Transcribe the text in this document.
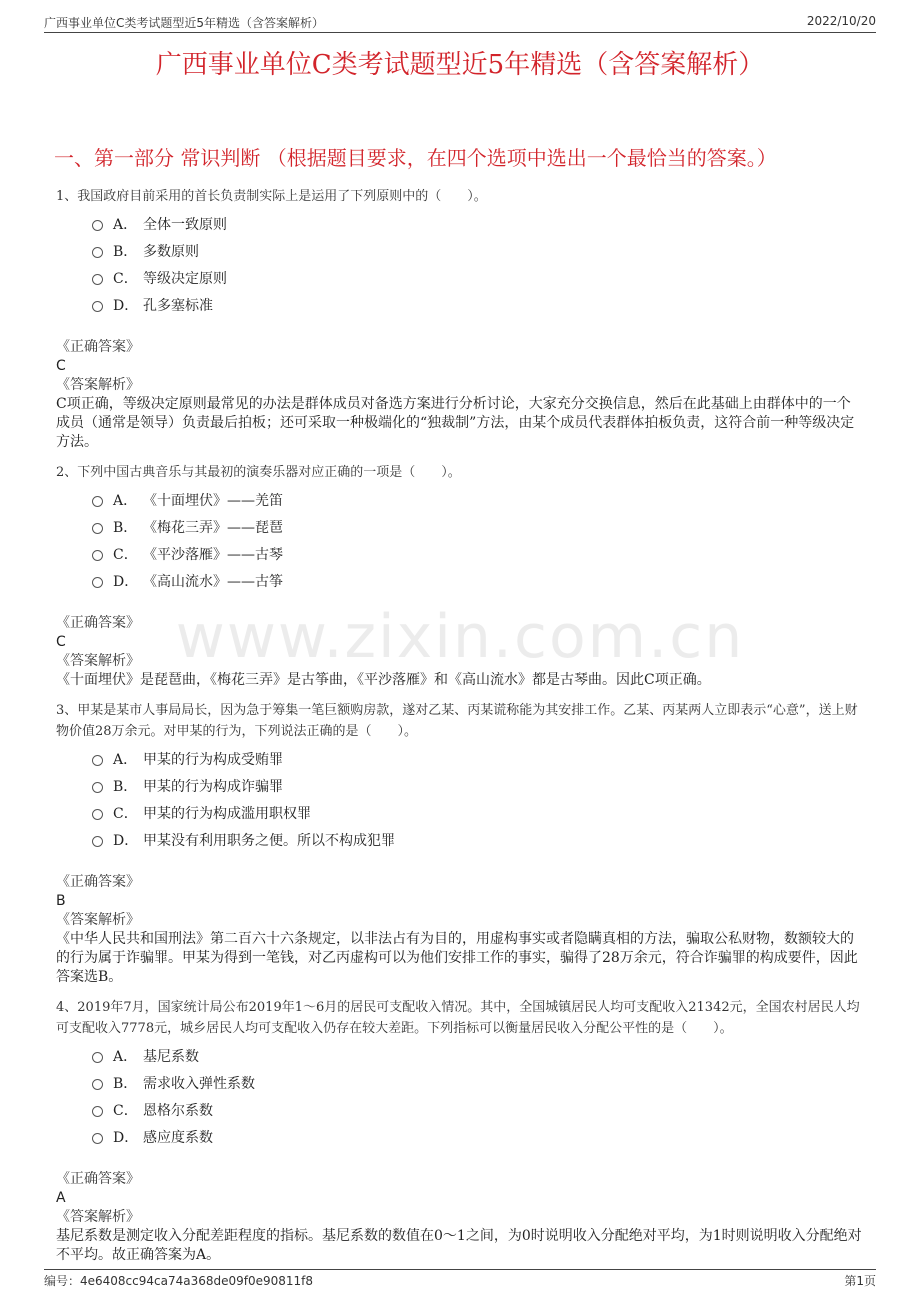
广西事业单位C类考试题型近5年精选（含答案解析）	2022/10/20
广西事业单位C类考试题型近5年精选（含答案解析）
一、第一部分 常识判断 （根据题目要求，在四个选项中选出一个最恰当的答案。）
www.zixin.com.cn
1、我国政府目前采用的首长负责制实际上是运用了下列原则中的（　　）。
A． 全体一致原则
B． 多数原则
C． 等级决定原则
D． 孔多塞标准
《正确答案》
C
《答案解析》
C项正确，等级决定原则最常见的办法是群体成员对备选方案进行分析讨论，大家充分交换信息，然后在此基础上由群体中的一个成员（通常是领导）负责最后拍板；还可采取一种极端化的“独裁制”方法，由某个成员代表群体拍板负责，这符合前一种等级决定方法。
2、下列中国古典音乐与其最初的演奏乐器对应正确的一项是（　　）。
A． 《十面埋伏》——羌笛
B． 《梅花三弄》——琵琶
C． 《平沙落雁》——古琴
D． 《高山流水》——古筝
《正确答案》
C
《答案解析》
《十面埋伏》是琵琶曲，《梅花三弄》是古筝曲，《平沙落雁》和《高山流水》都是古琴曲。因此C项正确。
3、甲某是某市人事局局长，因为急于筹集一笔巨额购房款，遂对乙某、丙某谎称能为其安排工作。乙某、丙某两人立即表示“心意”，送上财物价值28万余元。对甲某的行为，下列说法正确的是（　　）。
A． 甲某的行为构成受贿罪
B． 甲某的行为构成诈骗罪
C． 甲某的行为构成滥用职权罪
D． 甲某没有利用职务之便。所以不构成犯罪
《正确答案》
B
《答案解析》
《中华人民共和国刑法》第二百六十六条规定，以非法占有为目的，用虚构事实或者隐瞒真相的方法，骗取公私财物，数额较大的的行为属于诈骗罪。甲某为得到一笔钱，对乙丙虚构可以为他们安排工作的事实，骗得了28万余元，符合诈骗罪的构成要件，因此答案选B。
4、2019年7月，国家统计局公布2019年1～6月的居民可支配收入情况。其中，全国城镇居民人均可支配收入21342元，全国农村居民人均可支配收入7778元，城乡居民人均可支配收入仍存在较大差距。下列指标可以衡量居民收入分配公平性的是（　　）。
A． 基尼系数
B． 需求收入弹性系数
C． 恩格尔系数
D． 感应度系数
《正确答案》
A
《答案解析》
基尼系数是测定收入分配差距程度的指标。基尼系数的数值在0～1之间，为0时说明收入分配绝对平均，为1时则说明收入分配绝对不平均。故正确答案为A。
编号：4e6408cc94ca74a368de09f0e90811f8	第1页
